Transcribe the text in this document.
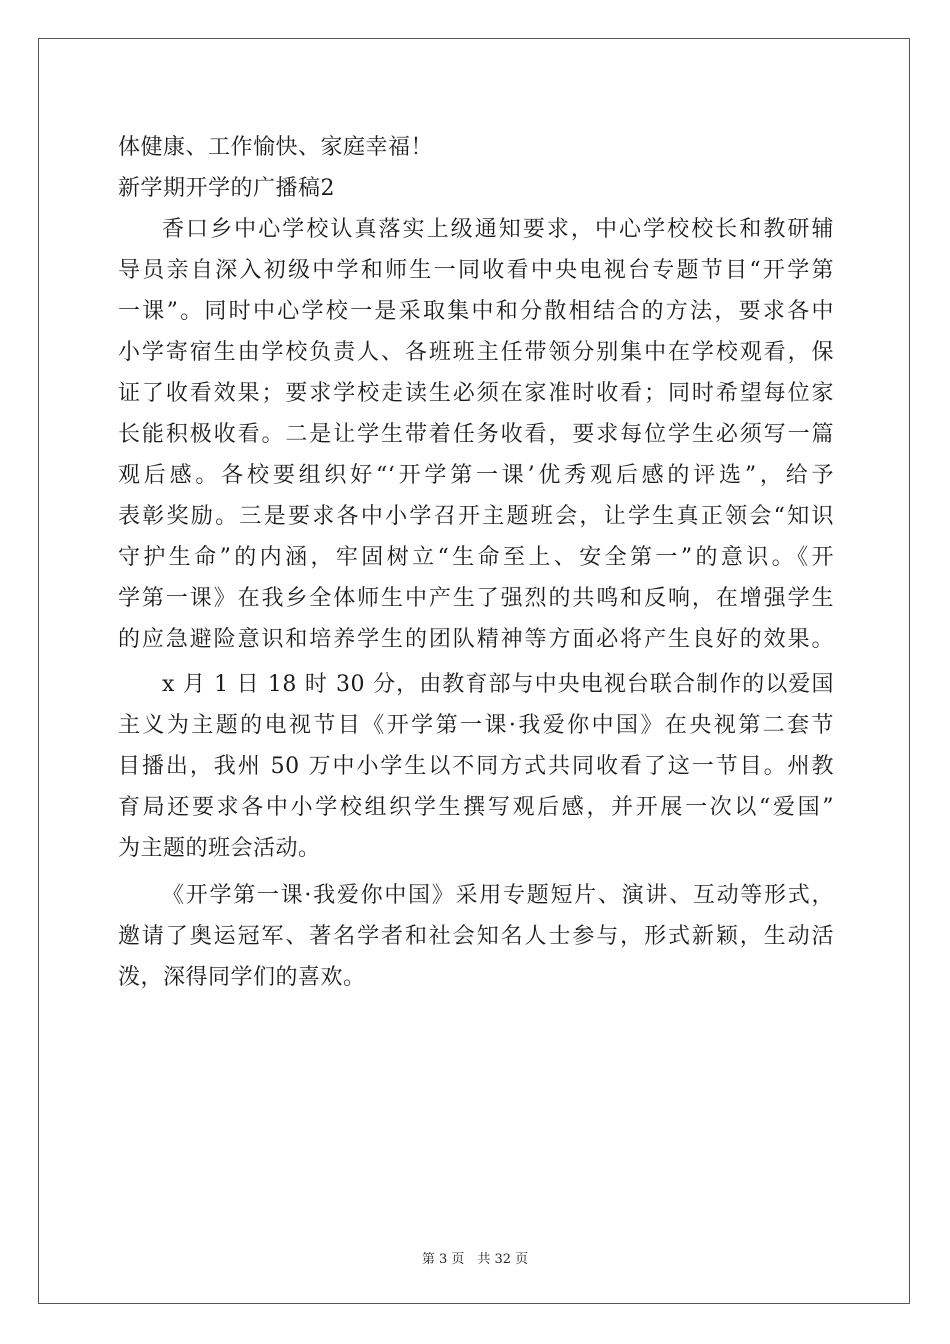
体健康、工作愉快、家庭幸福！
新学期开学的广播稿2
香口乡中心学校认真落实上级通知要求，中心学校校长和教研辅
导员亲自深入初级中学和师生一同收看中央电视台专题节目“开学第
一课”。同时中心学校一是采取集中和分散相结合的方法，要求各中
小学寄宿生由学校负责人、各班班主任带领分别集中在学校观看，保
证了收看效果；要求学校走读生必须在家准时收看；同时希望每位家
长能积极收看。二是让学生带着任务收看，要求每位学生必须写一篇
观后感。各校要组织好“‘开学第一课’优秀观后感的评选”，给予
表彰奖励。三是要求各中小学召开主题班会，让学生真正领会“知识
守护生命”的内涵，牢固树立“生命至上、安全第一”的意识。《开
学第一课》在我乡全体师生中产生了强烈的共鸣和反响，在增强学生
的应急避险意识和培养学生的团队精神等方面必将产生良好的效果。
x 月 1 日 18 时 30 分，由教育部与中央电视台联合制作的以爱国
主义为主题的电视节目《开学第一课·我爱你中国》在央视第二套节
目播出，我州 50 万中小学生以不同方式共同收看了这一节目。州教
育局还要求各中小学校组织学生撰写观后感，并开展一次以“爱国”
为主题的班会活动。
《开学第一课·我爱你中国》采用专题短片、演讲、互动等形式，
邀请了奥运冠军、著名学者和社会知名人士参与，形式新颖，生动活
泼，深得同学们的喜欢。
第 3 页　共 32 页
